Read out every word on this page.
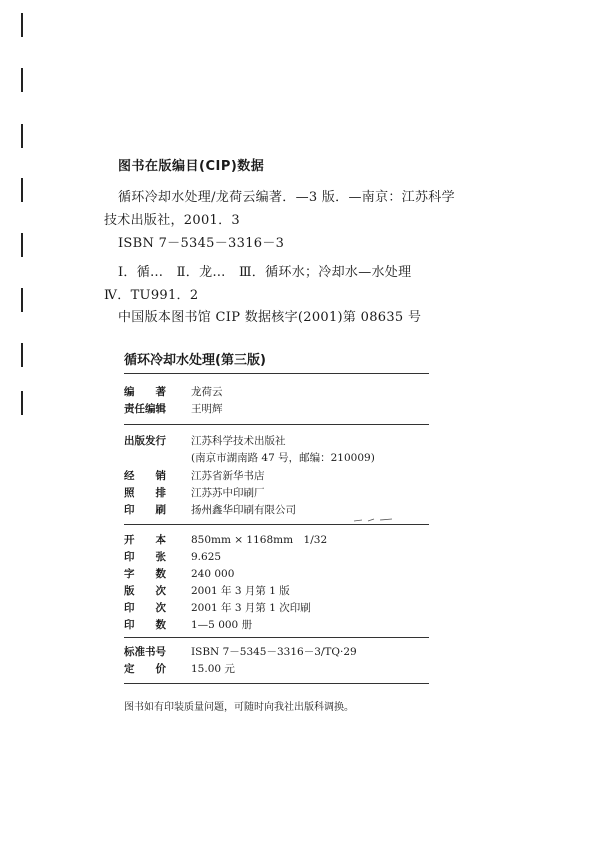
图书在版编目(CIP)数据
循环冷却水处理/龙荷云编著．—3 版．—南京：江苏科学
技术出版社，2001．3
ISBN 7－5345－3316－3
Ⅰ．循…　Ⅱ．龙…　Ⅲ．循环水；冷却水—水处理
Ⅳ．TU991．2
中国版本图书馆 CIP 数据核字(2001)第 08635 号
循环冷却水处理(第三版)
编　　著	龙荷云
责任编辑	王明辉
出版发行	江苏科学技术出版社
(南京市湖南路 47 号，邮编：210009)
经　　销	江苏省新华书店
照　　排	江苏苏中印刷厂
印　　刷	扬州鑫华印刷有限公司
开　　本	850mm × 1168mm　1/32
印　　张	9.625
字　　数	240 000
版　　次	2001 年 3 月第 1 版
印　　次	2001 年 3 月第 1 次印刷
印　　数	1—5 000 册
标准书号	ISBN 7－5345－3316－3/TQ·29
定　　价	15.00 元
图书如有印装质量问题，可随时向我社出版科调换。
